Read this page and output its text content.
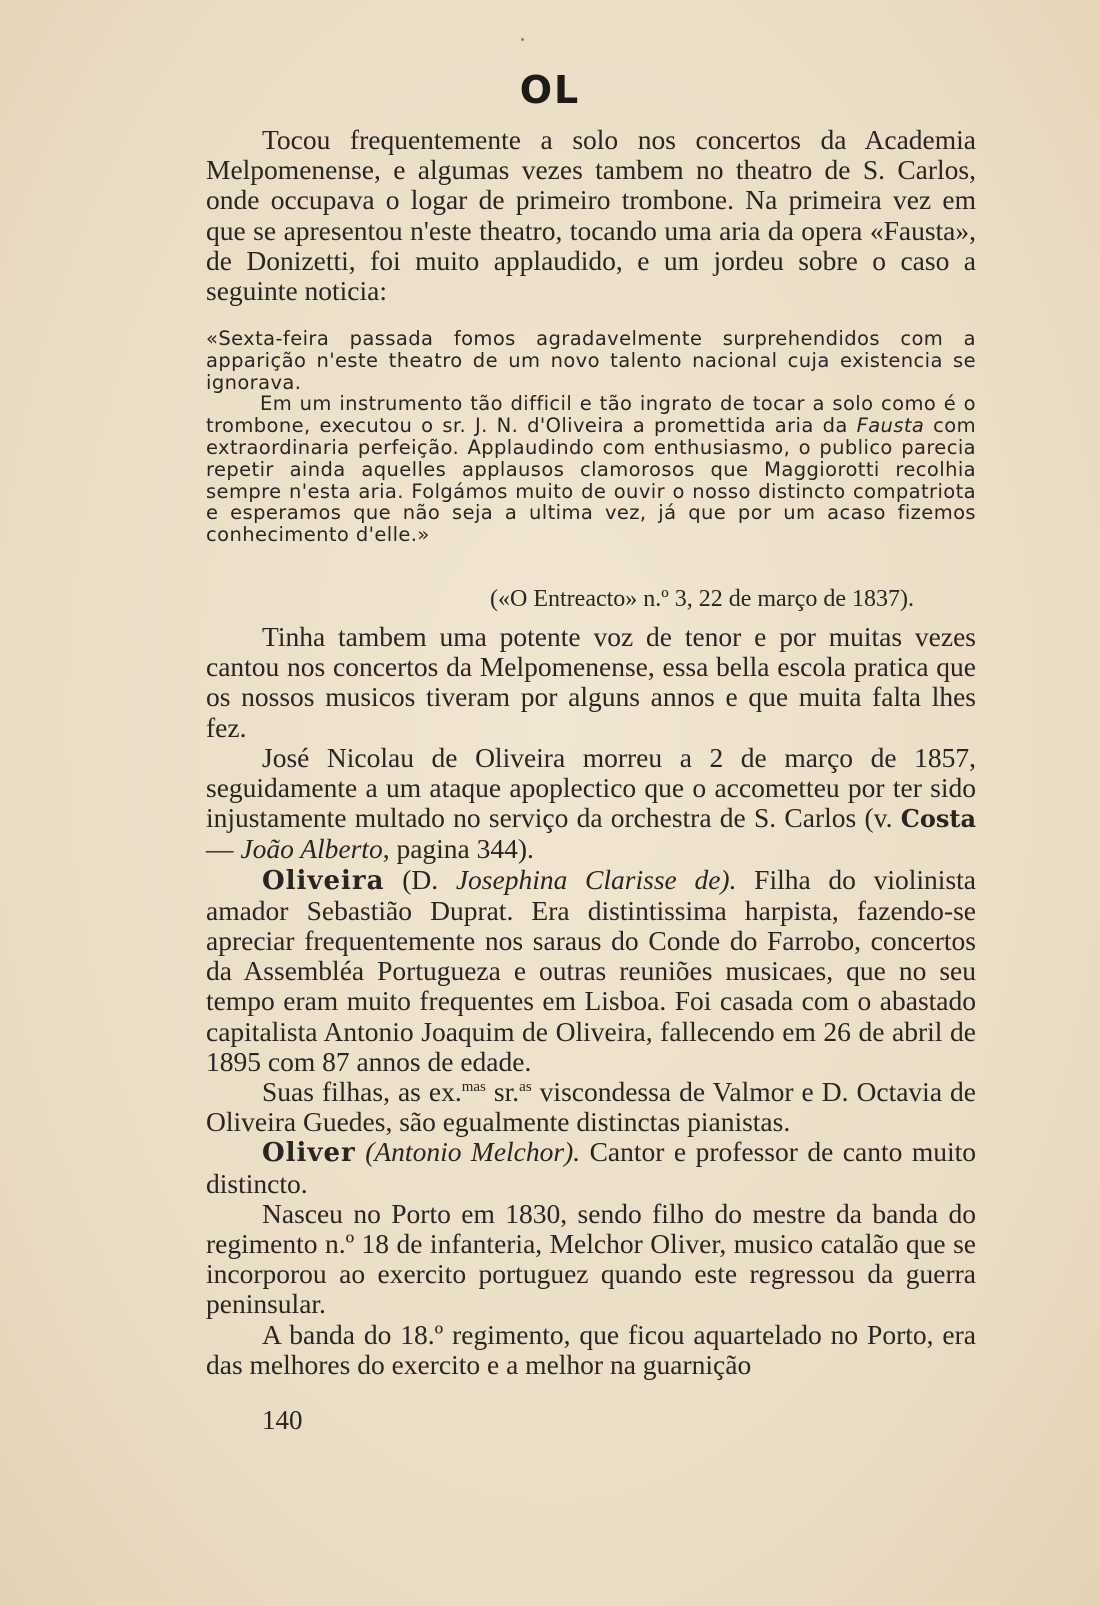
OL

Tocou frequentemente a solo nos concertos da Academia Melpomenense, e algumas vezes tambem no theatro de S. Carlos, onde occupava o logar de primeiro trombone. Na primeira vez em que se apresentou n'este theatro, tocando uma aria da opera «Fausta», de Donizetti, foi muito applaudido, e um jordeu sobre o caso a seguinte noticia:

«Sexta-feira passada fomos agradavelmente surprehendidos com a apparição n'este theatro de um novo talento nacional cuja existencia se ignorava.

Em um instrumento tão difficil e tão ingrato de tocar a solo como é o trombone, executou o sr. J. N. d'Oliveira a promettida aria da Fausta com extraordinaria perfeição. Applaudindo com enthusiasmo, o publico parecia repetir ainda aquelles applausos clamorosos que Maggiorotti recolhia sempre n'esta aria. Folgámos muito de ouvir o nosso distincto compatriota e esperamos que não seja a ultima vez, já que por um acaso fizemos conhecimento d'elle.»

(«O Entreacto» n.º 3, 22 de março de 1837).

Tinha tambem uma potente voz de tenor e por muitas vezes cantou nos concertos da Melpomenense, essa bella escola pratica que os nossos musicos tiveram por alguns annos e que muita falta lhes fez.

José Nicolau de Oliveira morreu a 2 de março de 1857, seguidamente a um ataque apoplectico que o accometteu por ter sido injustamente multado no serviço da orchestra de S. Carlos (v. Costa — João Alberto, pagina 344).

Oliveira (D. Josephina Clarisse de). Filha do violinista amador Sebastião Duprat. Era distintissima harpista, fazendo-se apreciar frequentemente nos saraus do Conde do Farrobo, concertos da Assembléa Portugueza e outras reuniões musicaes, que no seu tempo eram muito frequentes em Lisboa. Foi casada com o abastado capitalista Antonio Joaquim de Oliveira, fallecendo em 26 de abril de 1895 com 87 annos de edade.

Suas filhas, as ex.$^{mas}$ sr.$^{as}$ viscondessa de Valmor e D. Octavia de Oliveira Guedes, são egualmente distinctas pianistas.

Oliver (Antonio Melchor). Cantor e professor de canto muito distincto.

Nasceu no Porto em 1830, sendo filho do mestre da banda do regimento n.º 18 de infanteria, Melchor Oliver, musico catalão que se incorporou ao exercito portuguez quando este regressou da guerra peninsular.

A banda do 18.º regimento, que ficou aquartelado no Porto, era das melhores do exercito e a melhor na guarnição

140
